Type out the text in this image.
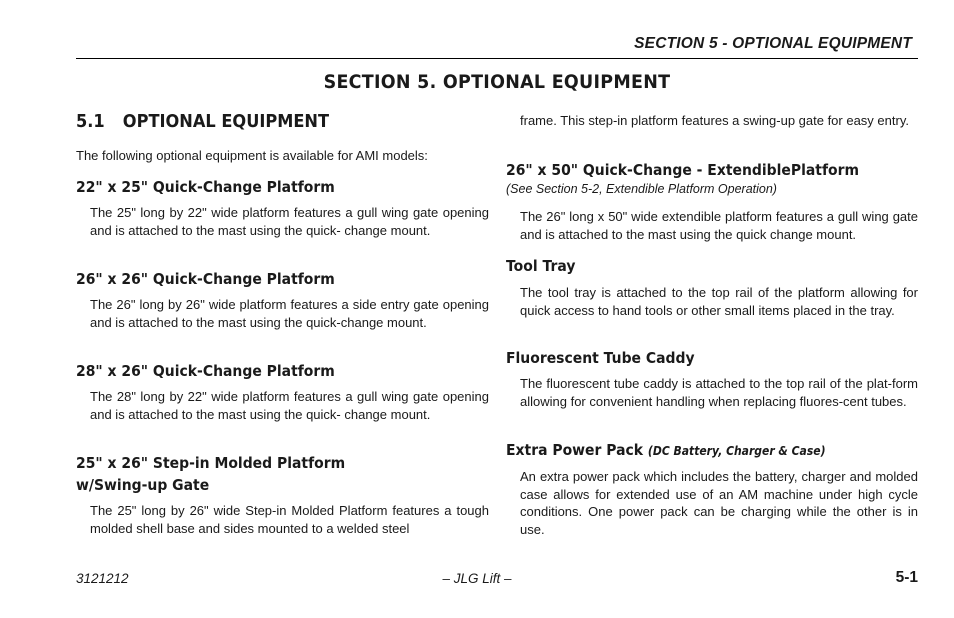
SECTION 5 - OPTIONAL EQUIPMENT
SECTION 5. OPTIONAL EQUIPMENT
5.1 OPTIONAL EQUIPMENT
The following optional equipment is available for AMI models:
22" x 25" Quick-Change Platform
The 25" long by 22" wide platform features a gull wing gate opening and is attached to the mast using the quick- change mount.
26" x 26" Quick-Change Platform
The 26" long by 26" wide platform features a side entry gate opening and is attached to the mast using the quick-change mount.
28" x 26" Quick-Change Platform
The 28" long by 22" wide platform features a gull wing gate opening and is attached to the mast using the quick- change mount.
25" x 26" Step-in Molded Platform
w/Swing-up Gate
The 25" long by 26" wide Step-in Molded Platform features a tough molded shell base and sides mounted to a welded steel
frame. This step-in platform features a swing-up gate for easy entry.
26" x 50" Quick-Change - ExtendiblePlatform
(See Section 5-2, Extendible Platform Operation)
The 26" long x 50" wide extendible platform features a gull wing gate and is attached to the mast using the quick change mount.
Tool Tray
The tool tray is attached to the top rail of the platform allowing for quick access to hand tools or other small items placed in the tray.
Fluorescent Tube Caddy
The fluorescent tube caddy is attached to the top rail of the plat-form allowing for convenient handling when replacing fluores-cent tubes.
Extra Power Pack (DC Battery, Charger & Case)
An extra power pack which includes the battery, charger and molded case allows for extended use of an AM machine under high cycle conditions. One power pack can be charging while the other is in use.
3121212	– JLG Lift –	5-1
